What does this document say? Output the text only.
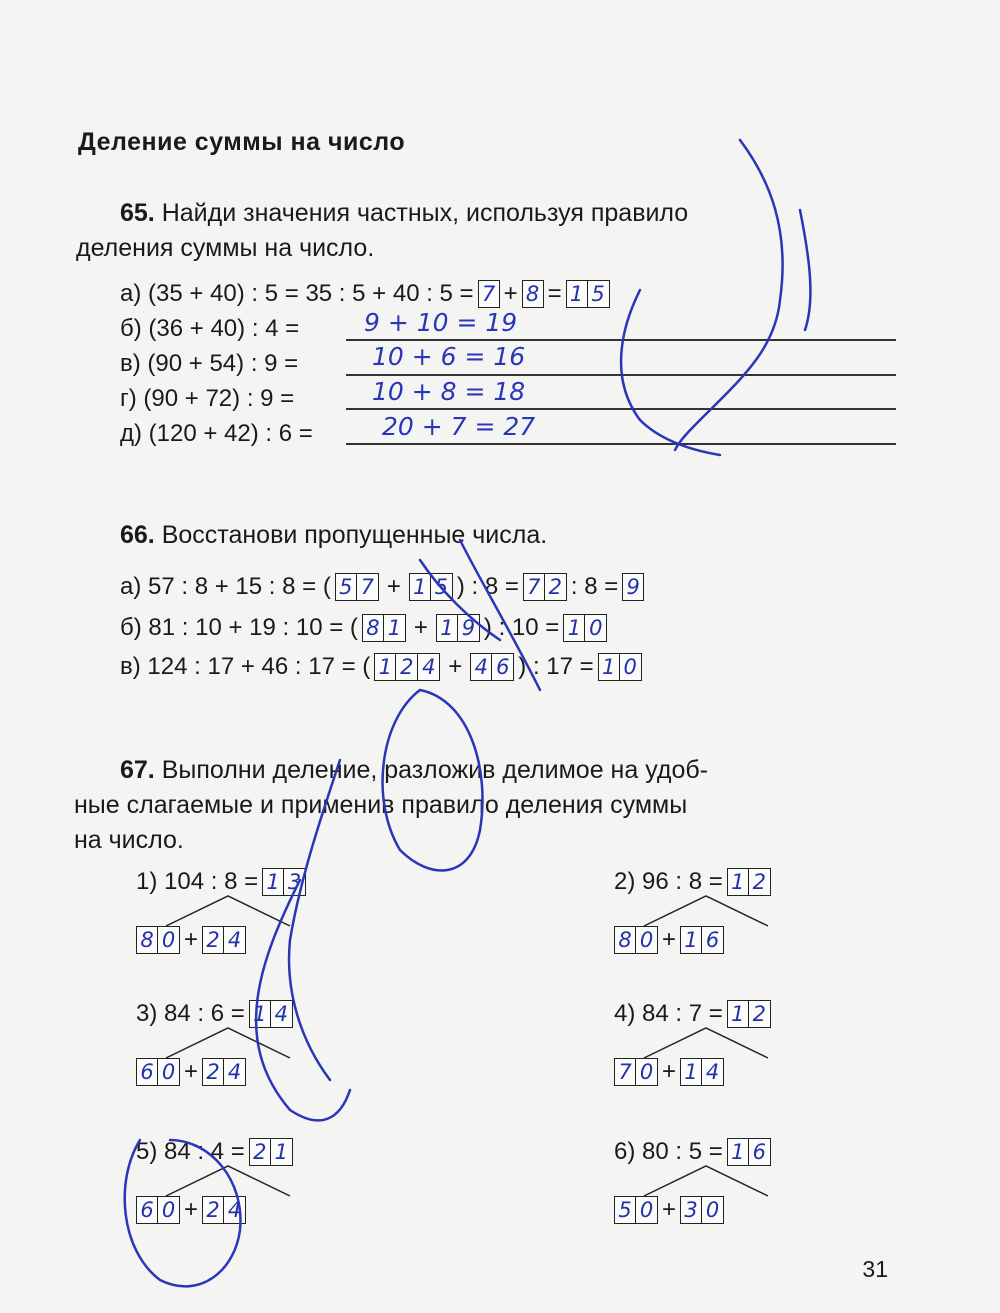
Деление суммы на число
65. Найди значения частных, используя правило
деления суммы на число.
а)
(35 + 40) : 5 = 35 : 5 + 40 : 5 = 7 + 8 = 1 5
б)
(36 + 40) : 4 =	9 + 10 = 19
в)
(90 + 54) : 9 =	10 + 6 = 16
г)
(90 + 72) : 9 =	10 + 8 = 18
д)
(120 + 42) : 6 =	20 + 7 = 27
66. Восстанови пропущенные числа.
а)
57 : 8 + 15 : 8 = ( 5 7 + 1 5 ) : 8 = 7 2 : 8 = 9
б)
81 : 10 + 19 : 10 = ( 8 1 + 1 9 ) : 10 = 1 0
в)
124 : 17 + 46 : 17 = ( 1 2 4 + 4 6 ) : 17 = 1 0
67. Выполни деление, разложив делимое на удоб-
ные слагаемые и применив правило деления суммы
на число.
1)
104 : 8 = 1 3
8 0 + 2 4
2)
96 : 8 = 1 2
8 0 + 1 6
3)
84 : 6 = 1 4
6 0 + 2 4
4)
84 : 7 = 1 2
7 0 + 1 4
5)
84 : 4 = 2 1
6 0 + 2 4
6)
80 : 5 = 1 6
5 0 + 3 0
31
